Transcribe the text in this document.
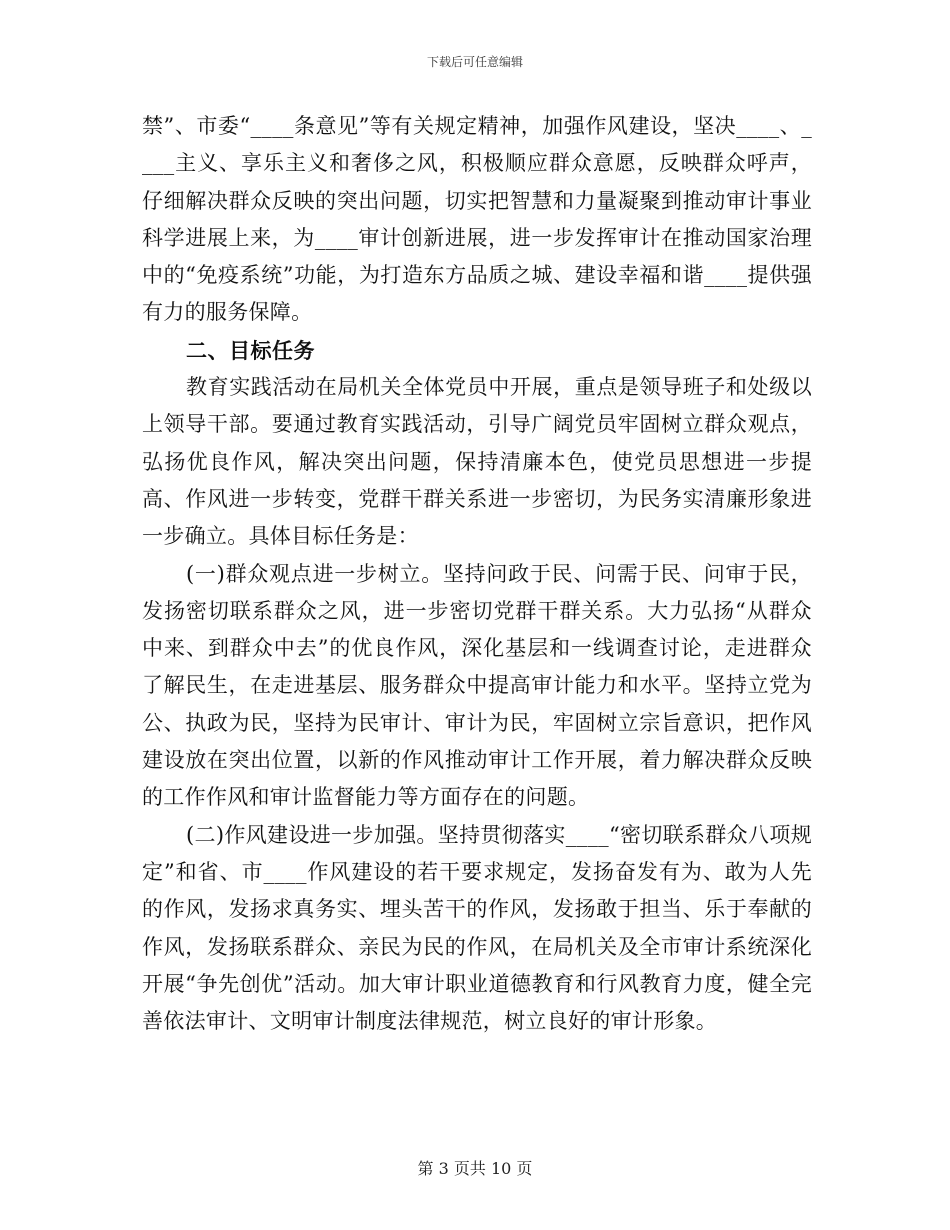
下载后可任意编辑

禁”、市委“____条意见”等有关规定精神，加强作风建设，坚决____、____主义、享乐主义和奢侈之风，积极顺应群众意愿，反映群众呼声，仔细解决群众反映的突出问题，切实把智慧和力量凝聚到推动审计事业科学进展上来，为____审计创新进展，进一步发挥审计在推动国家治理中的“免疫系统”功能，为打造东方品质之城、建设幸福和谐____提供强有力的服务保障。

二、目标任务

教育实践活动在局机关全体党员中开展，重点是领导班子和处级以上领导干部。要通过教育实践活动，引导广阔党员牢固树立群众观点，弘扬优良作风，解决突出问题，保持清廉本色，使党员思想进一步提高、作风进一步转变，党群干群关系进一步密切，为民务实清廉形象进一步确立。具体目标任务是：

(一)群众观点进一步树立。坚持问政于民、问需于民、问审于民，发扬密切联系群众之风，进一步密切党群干群关系。大力弘扬“从群众中来、到群众中去”的优良作风，深化基层和一线调查讨论，走进群众了解民生，在走进基层、服务群众中提高审计能力和水平。坚持立党为公、执政为民，坚持为民审计、审计为民，牢固树立宗旨意识，把作风建设放在突出位置，以新的作风推动审计工作开展，着力解决群众反映的工作作风和审计监督能力等方面存在的问题。

(二)作风建设进一步加强。坚持贯彻落实____“密切联系群众八项规定”和省、市____作风建设的若干要求规定，发扬奋发有为、敢为人先的作风，发扬求真务实、埋头苦干的作风，发扬敢于担当、乐于奉献的作风，发扬联系群众、亲民为民的作风，在局机关及全市审计系统深化开展“争先创优”活动。加大审计职业道德教育和行风教育力度，健全完善依法审计、文明审计制度法律规范，树立良好的审计形象。

第 3 页共 10 页
